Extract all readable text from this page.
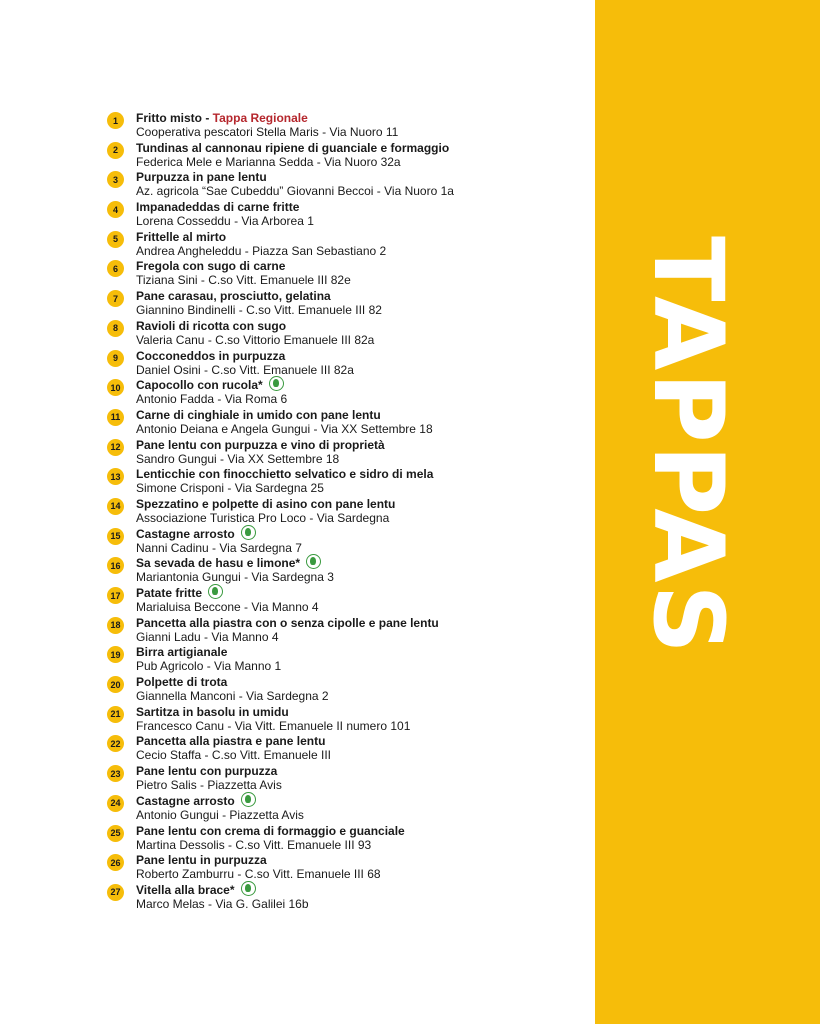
TAPPAS
1	Fritto misto - Tappa Regionale
Cooperativa pescatori Stella Maris - Via Nuoro 11
2	Tundinas al cannonau ripiene di guanciale e formaggio
Federica Mele e Marianna Sedda - Via Nuoro 32a
3	Purpuzza in pane lentu
Az. agricola “Sae Cubeddu” Giovanni Beccoi - Via Nuoro 1a
4	Impanadeddas di carne fritte
Lorena Cosseddu - Via Arborea 1
5	Frittelle al mirto
Andrea Angheleddu - Piazza San Sebastiano 2
6	Fregola con sugo di carne
Tiziana Sini - C.so Vitt. Emanuele III 82e
7	Pane carasau, prosciutto, gelatina
Giannino Bindinelli - C.so Vitt. Emanuele III 82
8	Ravioli di ricotta con sugo
Valeria Canu - C.so Vittorio Emanuele III 82a
9	Cocconeddos in purpuzza
Daniel Osini - C.so Vitt. Emanuele III 82a
10 Capocollo con rucola*
Antonio Fadda - Via Roma 6
11	Carne di cinghiale in umido con pane lentu
Antonio Deiana e Angela Gungui - Via XX Settembre 18
12 Pane lentu con purpuzza e vino di proprietà
Sandro Gungui - Via XX Settembre 18
13 Lenticchie con finocchietto selvatico e sidro di mela
Simone Crisponi - Via Sardegna 25
14 Spezzatino e polpette di asino con pane lentu
Associazione Turistica Pro Loco - Via Sardegna
15 Castagne arrosto
Nanni Cadinu - Via Sardegna 7
16 Sa sevada de hasu e limone*
Mariantonia Gungui - Via Sardegna 3
17 Patate fritte
Marialuisa Beccone - Via Manno 4
18 Pancetta alla piastra con o senza cipolle e pane lentu
Gianni Ladu - Via Manno 4
19 Birra artigianale
Pub Agricolo - Via Manno 1
20 Polpette di trota
Giannella Manconi - Via Sardegna 2
21 Sartitza in basolu in umidu
Francesco Canu - Via Vitt. Emanuele II numero 101
22 Pancetta alla piastra e pane lentu
Cecio Staffa - C.so Vitt. Emanuele III
23 Pane lentu con purpuzza
Pietro Salis - Piazzetta Avis
24 Castagne arrosto
Antonio Gungui - Piazzetta Avis
25 Pane lentu con crema di formaggio e guanciale
Martina Dessolis - C.so Vitt. Emanuele III 93
26 Pane lentu in purpuzza
Roberto Zamburru - C.so Vitt. Emanuele III 68
27 Vitella alla brace*
Marco Melas - Via G. Galilei 16b
